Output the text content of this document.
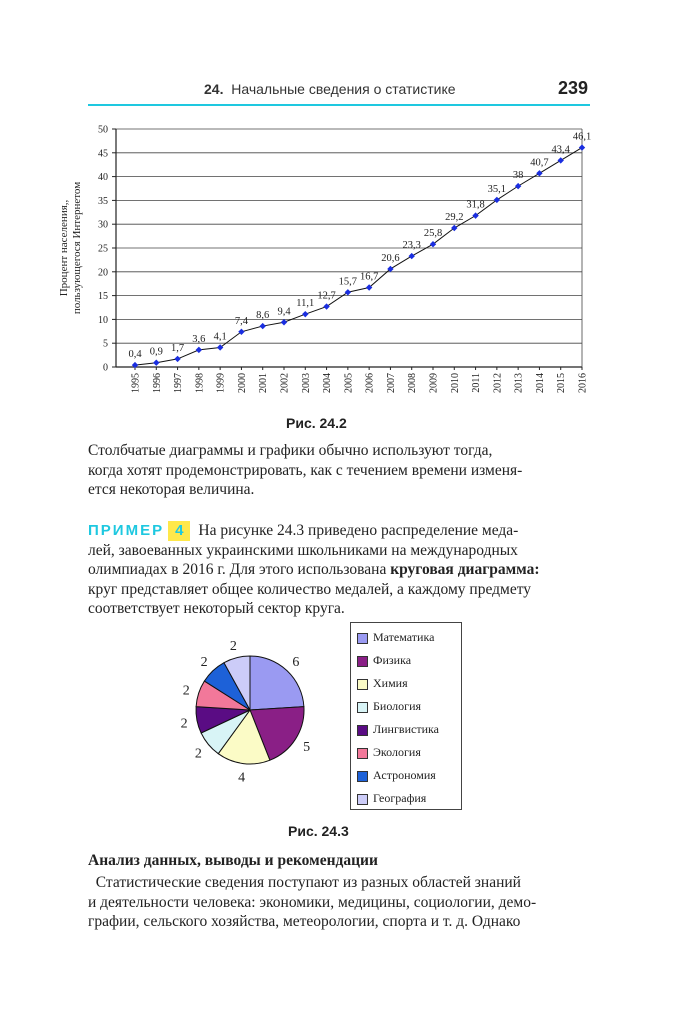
24. Начальные сведения о статистике	239
Процент населения,, пользующегося Интернетом
0
5
10
15
20
25
30
35
40
45
50
1995 1996 1997 1998 1999 2000 2001 2002 2003 2004 2005 2006 2007 2008 2009 2010 2011 2012 2013 2014 2015 2016
0,4 0,9 1,7
3,6 4,1
7,4
8,6 9,4
11,1
12,7
15,7 16,7
20,6
23,3
25,8
29,2
31,8
35,1
38
40,7
43,4
46,1
Рис. 24.2
Столбчатые диаграммы и графики обычно используют тогда,
когда хотят продемонстрировать, как с течением времени изменя-
ется некоторая величина.
ПРИМЕР 4 На рисунке 24.3 приведено распределение меда-
лей, завоеванных украинскими школьниками на международных
олимпиадах в 2016 г. Для этого использована круговая диаграмма:
круг представляет общее количество медалей, а каждому предмету
соответствует некоторый сектор круга.
6
5
4
2
2
2
2
2
Математика
Физика
Химия
Биология
Лингвистика
Экология
Астрономия
География
Рис. 24.3
Анализ данных, выводы и рекомендации
Статистические сведения поступают из разных областей знаний
и деятельности человека: экономики, медицины, социологии, демо-
графии, сельского хозяйства, метеорологии, спорта и т. д. Однако
